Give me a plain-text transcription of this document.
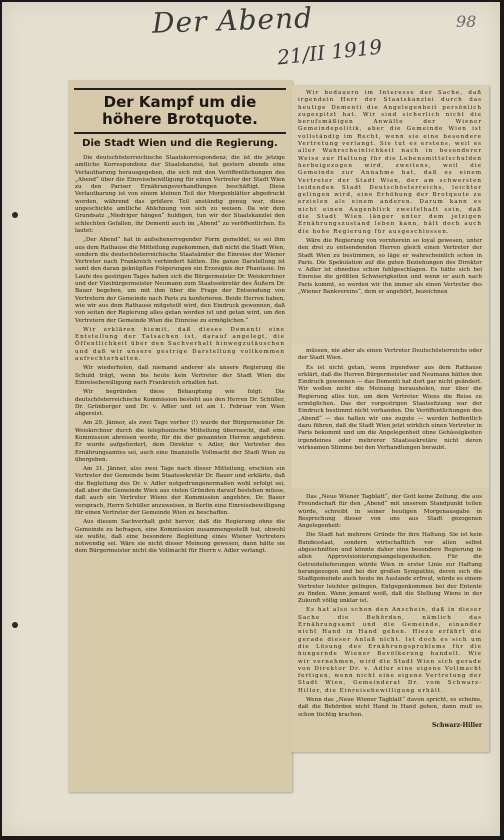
Der Abend
21/II 1919
98
Der Kampf um die höhere Brotquote.
Die Stadt Wien und die Regierung.

Die deutschösterreichische Staatskorrespondenz, die ist die jetzige amtliche Korrespondenz der Staatskanzlei, hat gestern abends eine Verlautbarung herausgegeben, die sich mit den Veröffentlichungen des „Abend“ über die Einreisebewilligung für einen Vertreter der Stadt Wien zu den Pariser Ernährungsverhandlungen beschäftigt. Diese Verlautbarung ist von einem kleinen Teil der Morgenblätter abgedruckt worden, während das größere Teil anständig genug war, diese ungeschickte amtliche Ablehnung von sich zu weisen. Da wir dem Grundsatz „Niedriger hängen“ huldigen, tun wir der Staatskanzlei den schlechten Gefallen, ihr Dementi auch im „Abend“ zu veröffentlichen. Es lautet:

„Der Abend“ hat in aufsehenerregender Form gemeldet, es sei ihm aus dem Rathause die Mitteilung zugekommen, daß nicht die Stadt Wien, sondern die deutschösterreichische Staatsämter die Einreise der Wiener Vertreter nach Frankreich verhindert hätten. Die ganze Darstellung ist samt den daran geknüpften Folgerungen ein Erzeugnis der Phantasie. Im Laufe des gestrigen Tages haben sich die Bürgermeister Dr. Weiskirchner und der Vizebürgermeister Neumann zum Staatssekretär des Äußern Dr. Bauer begeben, um mit ihm über die Frage der Entsendung von Vertretern der Gemeinde nach Paris zu konferieren. Beide Herren haben, wie wir aus dem Rathause mitgeteilt wird, den Eindruck gewonnen, daß von seiten der Regierung alles getan worden ist und getan wird, um den Vertretern der Gemeinde Wien die Einreise zu ermöglichen.“

Wir erklären hiemit, daß dieses Dementi eine Entstellung der Tatsachen ist, darauf angelegt, die Öffentlichkeit über den Sachverhalt hinwegzutäuschen und daß wir unsere gestrige Darstellung vollkommen aufrechterhalten.

Wir wiederholen, daß niemand anderer als unsere Regierung die Schuld trägt, wenn bis heute kein Vertreter der Stadt Wien die Einreisebewilligung nach Frankreich erhalten hat.

Wir begründen diese Behauptung wie folgt: Die deutschösterreichische Kommission besteht aus den Herren Dr. Schüller, Dr. Grünberger und Dr. v. Adler und ist am 1. Februar von Wien abgereist.

Am 29. Jänner, als zwei Tage vorher (!) wurde der Bürgermeister Dr. Weiskirchner durch die telephonische Mitteilung überrascht, daß eine Kommission abreisen werde, für die der genannten Herren angehören. Er wurde aufgefordert, dem Direktor v. Adler, der Vertreter des Ernährungsamtes sei, auch eine finanzielle Vollmacht der Stadt Wien zu übergeben.

Am 31. Jänner, also zwei Tage nach dieser Mitteilung, erschien ein Vertreter der Gemeinde beim Staatssekretär Dr. Bauer und erklärte, daß die Begleitung des Dr. v. Adler notgedrungenermaßen wohl erfolgt sei, daß aber die Gemeinde Wien aus vielen Gründen darauf bestehen müsse, daß auch ein Vertreter Wiens der Kommission angehöre. Dr. Bauer versprach, Herrn Schüller anzuweisen, in Berlin eine Einreisebewilligung für einen Vertreter der Gemeinde Wien zu beschaffen.

Aus diesem Sachverhalt geht hervor, daß die Regierung ohne die Gemeinde zu befragen, eine Kommission zusammengestellt hat, obwohl sie wußte, daß eine besondere Begleitung eines Wiener Vertreters notwendig sei. Wäre sie nicht dieser Meinung gewesen, dann hätte sie dem Bürgermeister nicht die Vollmacht für Herrn v. Adler verlangt.

Wir bedauern im Interesse der Sache, daß irgendein Herr der Staatskanzlei durch das heutige Dementi die Angelegenheit persönlich zugespitzt hat. Wir sind sicherlich nicht die berufsmäßigen Anwälte der Wiener Gemeindepolitik, aber die Gemeinde Wien ist vollständig im Recht, wenn sie eine besondere Vertretung verlangt. Sie tut es erstens, weil es aller Wahrscheinlichkeit nach in besonderer Weise zur Haltung für die Lebensmittelschulden herbeigezogen wird, zweitens, weil die Gemeinde zur Annahme hat, daß es einem Vertreter der Stadt Wien, der am schwersten leidenden Stadt Deutschösterreichs, leichter gelingen wird, eine Erhöhung der Brotquote zu erzielen als einem anderen. Darum kann es nicht einen Augenblick zweifelhaft sein, daß die Stadt Wien länger unter dem jetzigen Ernährungszustand leben kann, hält doch auch die hohe Regierung für ausgeschlossen.

Wäre die Regierung von vornherein so loyal gewesen, unter den drei zu entsendenden Herren gleich einen Vertreter der Stadt Wien zu bestimmen, so läge er wahrscheinlich schon in Paris. Die Spekulation auf die guten Beziehungen des Direktor v. Adler ist ohnedies schon fehlgeschlagen. Es hätte sich bei Einreise die größten Schwierigkeiten und wenn er auch nach Paris kommt, so werden wir ihn immer als einen Vertreter des „Wiener Bankvereins“, dem er angehört, bezeichnen

müssen, nie aber als einen Vertreter Deutschösterreichs oder der Stadt Wien.

Es ist nicht getan, wenn irgendwer aus dem Rathause erklärt, daß die Herren Bürgermeister und Neumann hätten den Eindruck gewonnen — das Dementi hat dort gar nicht geändert. Wir wollen nicht die Meinung herausholen, nur über die Regierung alles tun, um dem Vertreter Wiens die Reise zu ermöglichen. Das der vorgestrigen Staatssitzung war der Eindruck bestimmt nicht vorhanden. Die Veröffentlichungen des „Abend“ — das halten wir uns zugute — werden hoffentlich dazu führen, daß die Stadt Wien jetzt wirklich einen Vertreter in Paris bekommt und um die Angelegenheit ohne Gehässigkeiten irgendeines oder mehrerer Staatssekretäre nicht deren wirksamen Stimme bei den Verhandlungen beraubt.

Das „Neue Wiener Tagblatt“, der Gott keine Zeitung, die aus Freundschaft für den „Abend“ mit unserem Standpunkt teilen würde, schreibt in seiner heutigen Morgenausgabe in Besprechung dieser von uns aus Stadt gezogenen Angelegenheit:

Die Stadt hat mehrere Gründe für ihre Haltung. Sie ist kein Bundesstaat, sondern wirtschaftlich vor allen selbst abgeschnitten und könnte daher eine besondere Regierung in allen Approvisionierungsangelegenheiten. Für die Getreidelieferungen würde Wien in erster Linie zur Haftung herangezogen und bei der großen Sympathie, deren sich die Stadtgemeinde auch heute im Auslande erfreut, würde es einem Vertreter leichter gelingen, Entgegenkommen bei der Entente zu finden. Wenn jemand weiß, daß die Stellung Wiens in der Zukunft völlig unklar ist.

Es hat also schon den Anschein, daß in dieser Sache die Behörden, nämlich das Ernährungsamt und die Gemeinde, einander nicht Hand in Hand gehen. Hiezu erfährt die gerade dieser Anlaß nicht. Ist doch es sich um die Lösung des Ernährungsproblems für die hungernde Wiener Bevölkerung handelt. Wie wir vernehmen, wird die Stadt Wien sich gerade von Direktor Dr. v. Adler eine eigene Vollmacht fertigen, wenn nicht eine eigene Vertretung der Stadt Wien, Gemeinderat Dr. vom Schwarz-Hiller, die Einreisebewilligung erhält.

Wenn das „Neue Wiener Tagblatt“ davon spricht, es scheine, daß die Behörden nicht Hand in Hand gehen, dann muß es schon tüchtig krachen.

Schwarz-Hiller
